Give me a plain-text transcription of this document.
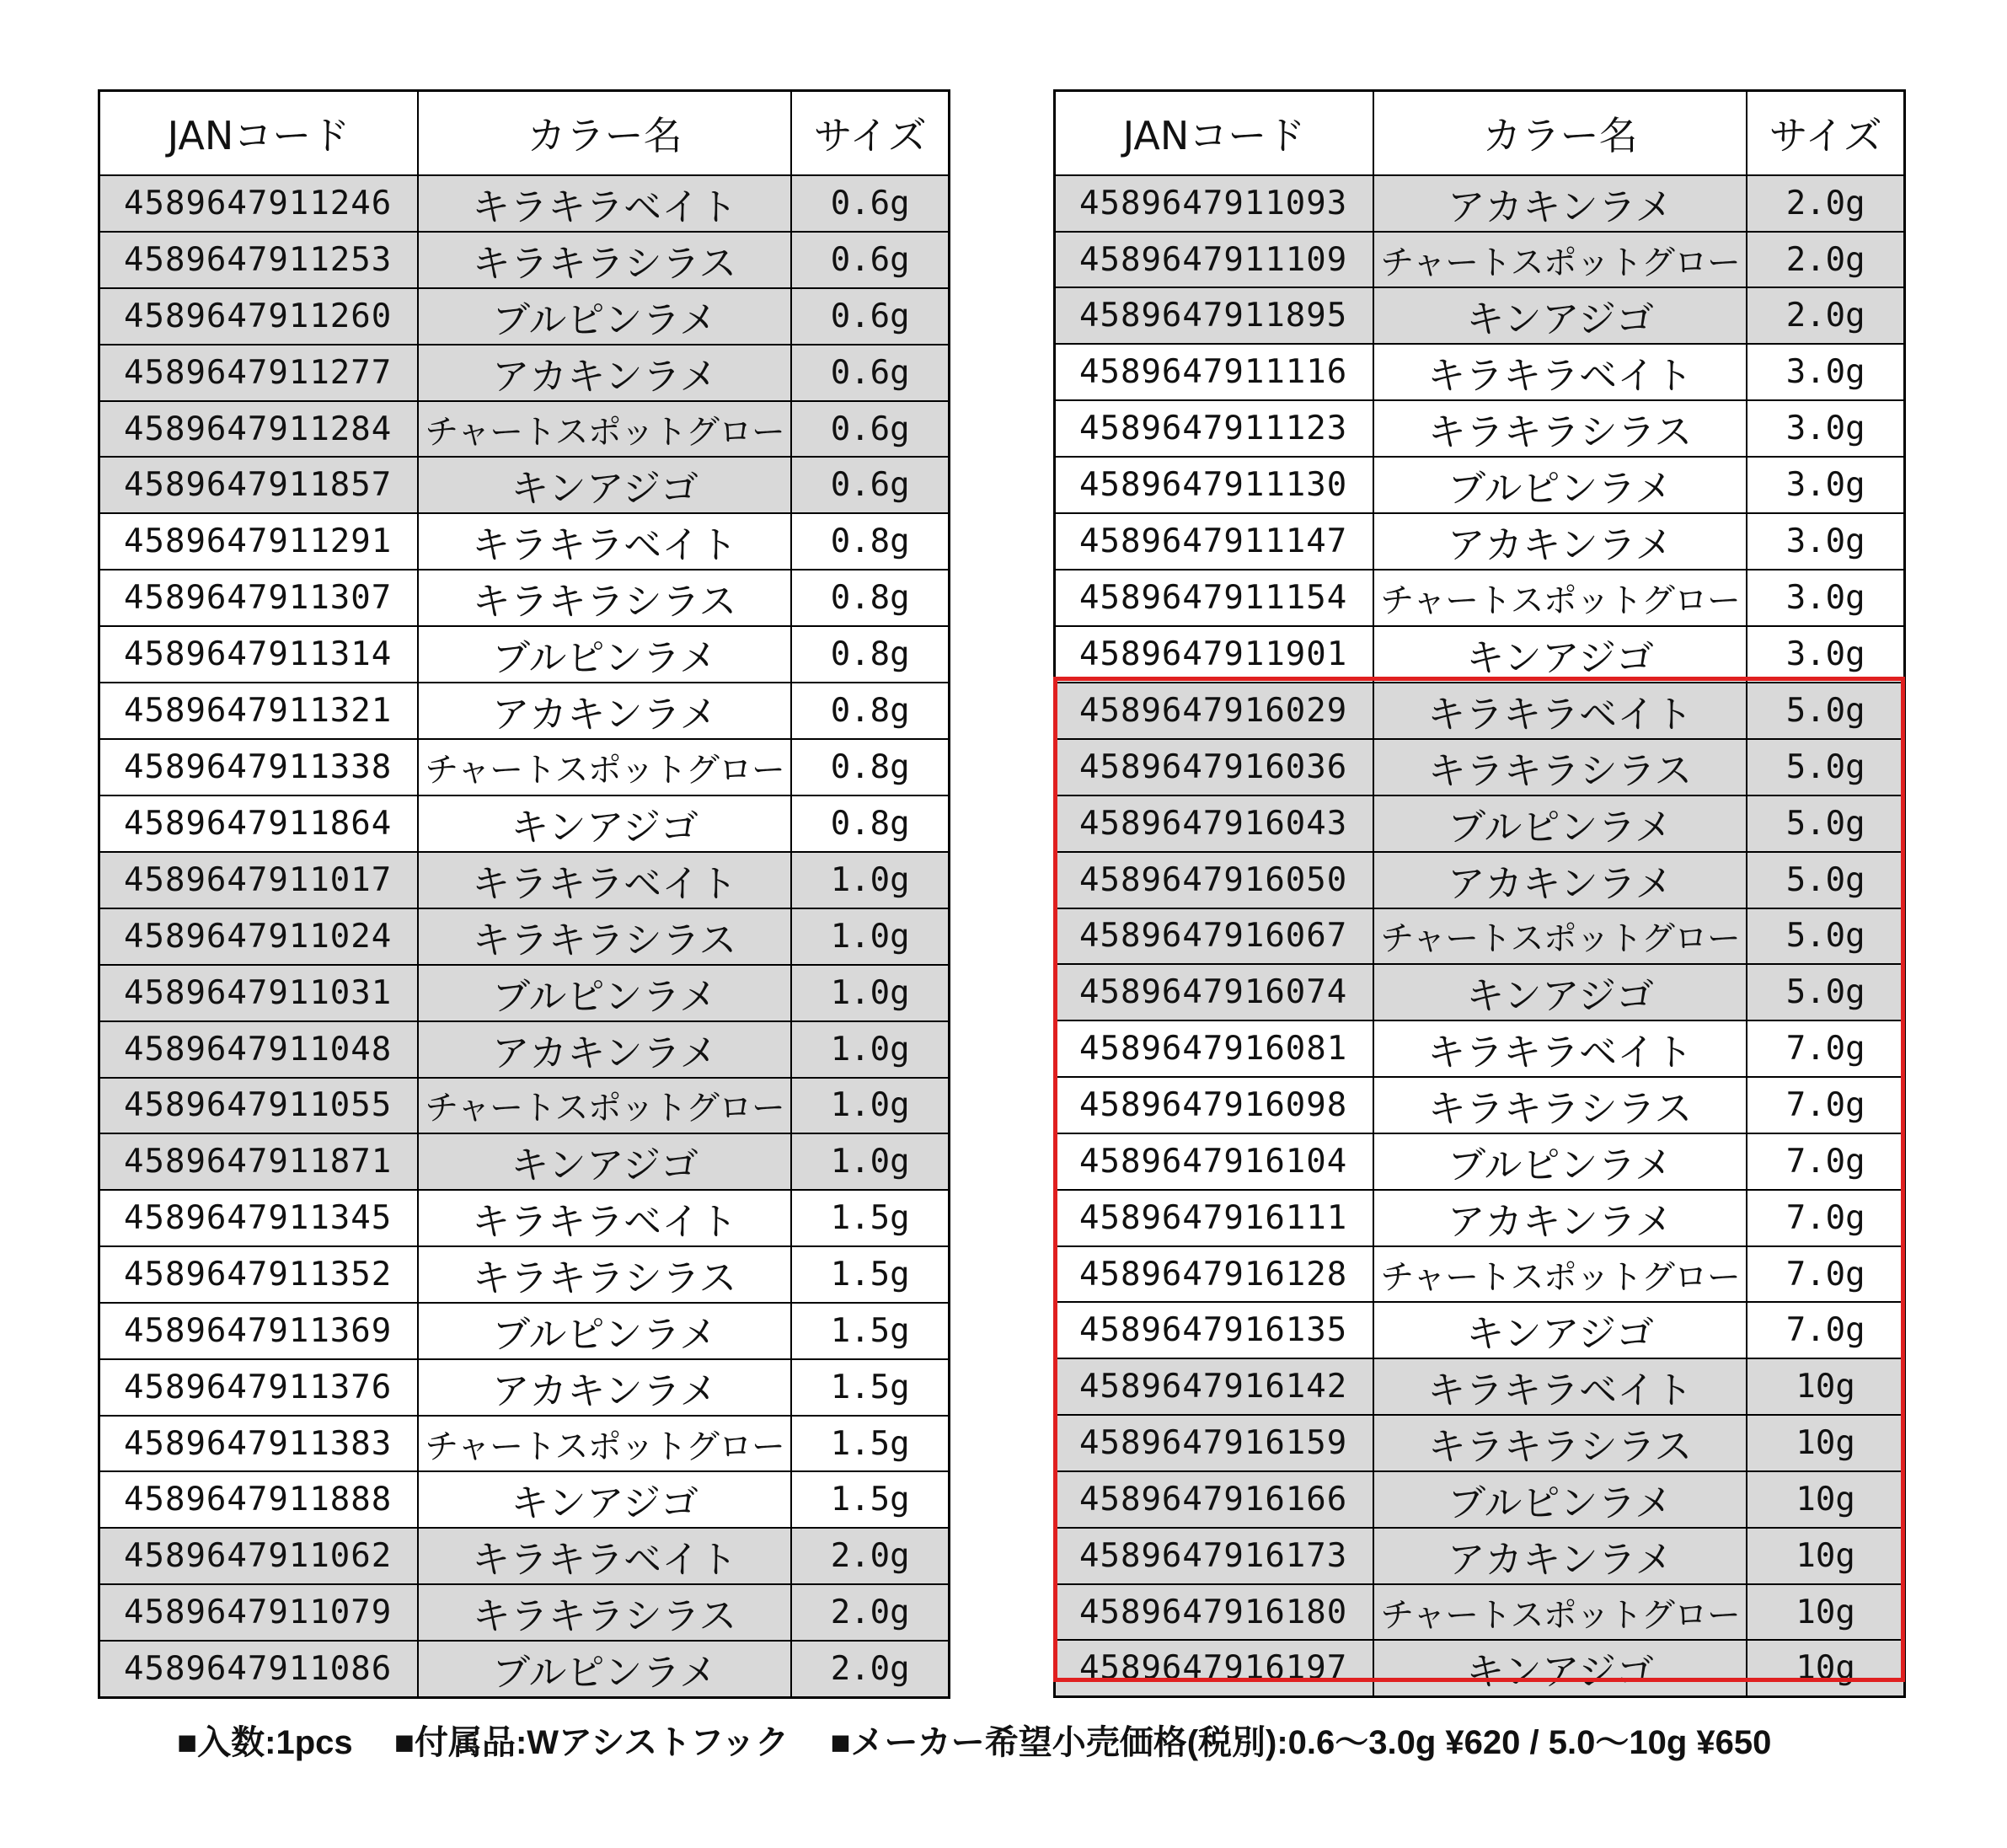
JANコード	カラー名	サイズ
4589647911246	キラキラベイト	0.6g
4589647911253	キラキラシラス	0.6g
4589647911260	ブルピンラメ	0.6g
4589647911277	アカキンラメ	0.6g
4589647911284	チャートスポットグロー	0.6g
4589647911857	キンアジゴ	0.6g
4589647911291	キラキラベイト	0.8g
4589647911307	キラキラシラス	0.8g
4589647911314	ブルピンラメ	0.8g
4589647911321	アカキンラメ	0.8g
4589647911338	チャートスポットグロー	0.8g
4589647911864	キンアジゴ	0.8g
4589647911017	キラキラベイト	1.0g
4589647911024	キラキラシラス	1.0g
4589647911031	ブルピンラメ	1.0g
4589647911048	アカキンラメ	1.0g
4589647911055	チャートスポットグロー	1.0g
4589647911871	キンアジゴ	1.0g
4589647911345	キラキラベイト	1.5g
4589647911352	キラキラシラス	1.5g
4589647911369	ブルピンラメ	1.5g
4589647911376	アカキンラメ	1.5g
4589647911383	チャートスポットグロー	1.5g
4589647911888	キンアジゴ	1.5g
4589647911062	キラキラベイト	2.0g
4589647911079	キラキラシラス	2.0g
4589647911086	ブルピンラメ	2.0g
JANコード	カラー名	サイズ
4589647911093	アカキンラメ	2.0g
4589647911109	チャートスポットグロー	2.0g
4589647911895	キンアジゴ	2.0g
4589647911116	キラキラベイト	3.0g
4589647911123	キラキラシラス	3.0g
4589647911130	ブルピンラメ	3.0g
4589647911147	アカキンラメ	3.0g
4589647911154	チャートスポットグロー	3.0g
4589647911901	キンアジゴ	3.0g
4589647916029	キラキラベイト	5.0g
4589647916036	キラキラシラス	5.0g
4589647916043	ブルピンラメ	5.0g
4589647916050	アカキンラメ	5.0g
4589647916067	チャートスポットグロー	5.0g
4589647916074	キンアジゴ	5.0g
4589647916081	キラキラベイト	7.0g
4589647916098	キラキラシラス	7.0g
4589647916104	ブルピンラメ	7.0g
4589647916111	アカキンラメ	7.0g
4589647916128	チャートスポットグロー	7.0g
4589647916135	キンアジゴ	7.0g
4589647916142	キラキラベイト	10g
4589647916159	キラキラシラス	10g
4589647916166	ブルピンラメ	10g
4589647916173	アカキンラメ	10g
4589647916180	チャートスポットグロー	10g
4589647916197	キンアジゴ	10g
■入数:1pcs ■付属品:Wアシストフック ■メーカー希望小売価格(税別):0.6〜3.0g ¥620 / 5.0〜10g ¥650
